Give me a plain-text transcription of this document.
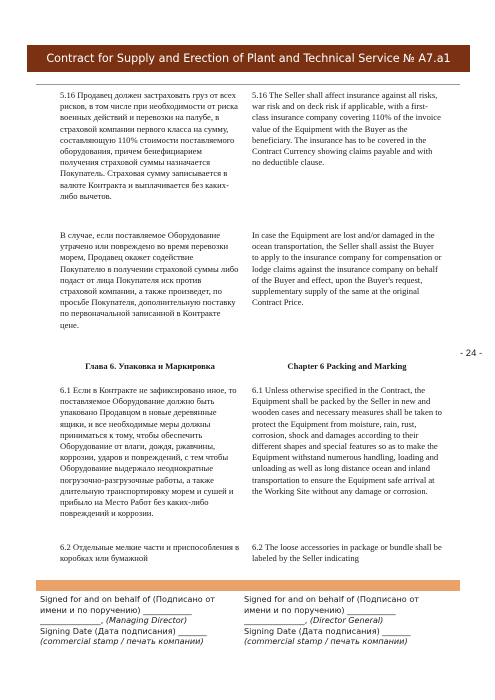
Contract for Supply and Erection of Plant and Technical Service № A7.a1

5.16 Продавец должен застраховать груз от всех рисков, в том числе при необходимости от риска военных действий и перевозки на палубе, в страховой компании первого класса на сумму, составляющую 110% стоимости поставляемого оборудования, причем бенефициарием получения страховой суммы назначается Покупатель. Страховая сумму записывается в валюте Контракта и выплачивается без каких-либо вычетов.

5.16 The Seller shall affect insurance against all risks, war risk and on deck risk if applicable, with a first-class insurance company covering 110% of the invoice value of the Equipment with the Buyer as the beneficiary. The insurance has to be covered in the Contract Currency showing claims payable and with no deductible clause.

В случае, если поставляемое Оборудование утрачено или повреждено во время перевозки морем, Продавец окажет содействие Покупателю в получении страховой суммы либо подаст от лица Покупателя иск против страховой компании, а также произведет, по просьбе Покупателя, дополнительную поставку по первоначальной записанной в Контракте цене.

In case the Equipment are lost and/or damaged in the ocean transportation, the Seller shall assist the Buyer to apply to the insurance company for compensation or lodge claims against the insurance company on behalf of the Buyer and effect, upon the Buyer's request, supplementary supply of the same at the original Contract Price.

- 24 -
Глава 6. Упаковка и Маркировка	Chapter 6 Packing and Marking

6.1 Если в Контракте не зафиксировано иное, то поставляемое Оборудование должно быть упаковано Продавцом в новые деревянные ящики, и все необходимые меры должны приниматься к тому, чтобы обеспечить Оборудование от влаги, дождя, ржавчины, коррозии, ударов и повреждений, с тем чтобы Оборудование выдержало неоднократные погрузочно-разгрузочные работы, а также длительную транспортировку морем и сушей и прибыло на Место Работ без каких-либо повреждений и коррозии.

6.1 Unless otherwise specified in the Contract, the Equipment shall be packed by the Seller in new and wooden cases and necessary measures shall be taken to protect the Equipment from moisture, rain, rust, corrosion, shock and damages according to their different shapes and special features so as to make the Equipment withstand numerous handling, loading and unloading as well as long distance ocean and inland transportation to ensure the Equipment safe arrival at the Working Site without any damage or corrosion.

6.2 Отдельные мелкие части и приспособления в коробках или бумажной

6.2 The loose accessories in package or bundle shall be labeled by the Seller indicating

Signed for and on behalf of (Подписано от
имени и по поручению) ____________
_______________, (Managing Director)
Signing Date (Дата подписания) _______
(commercial stamp / печать компании)
Signed for and on behalf of (Подписано от
имени и по поручению) ____________
_______________, (Director General)
Signing Date (Дата подписания) _______
(commercial stamp / печать компании)
